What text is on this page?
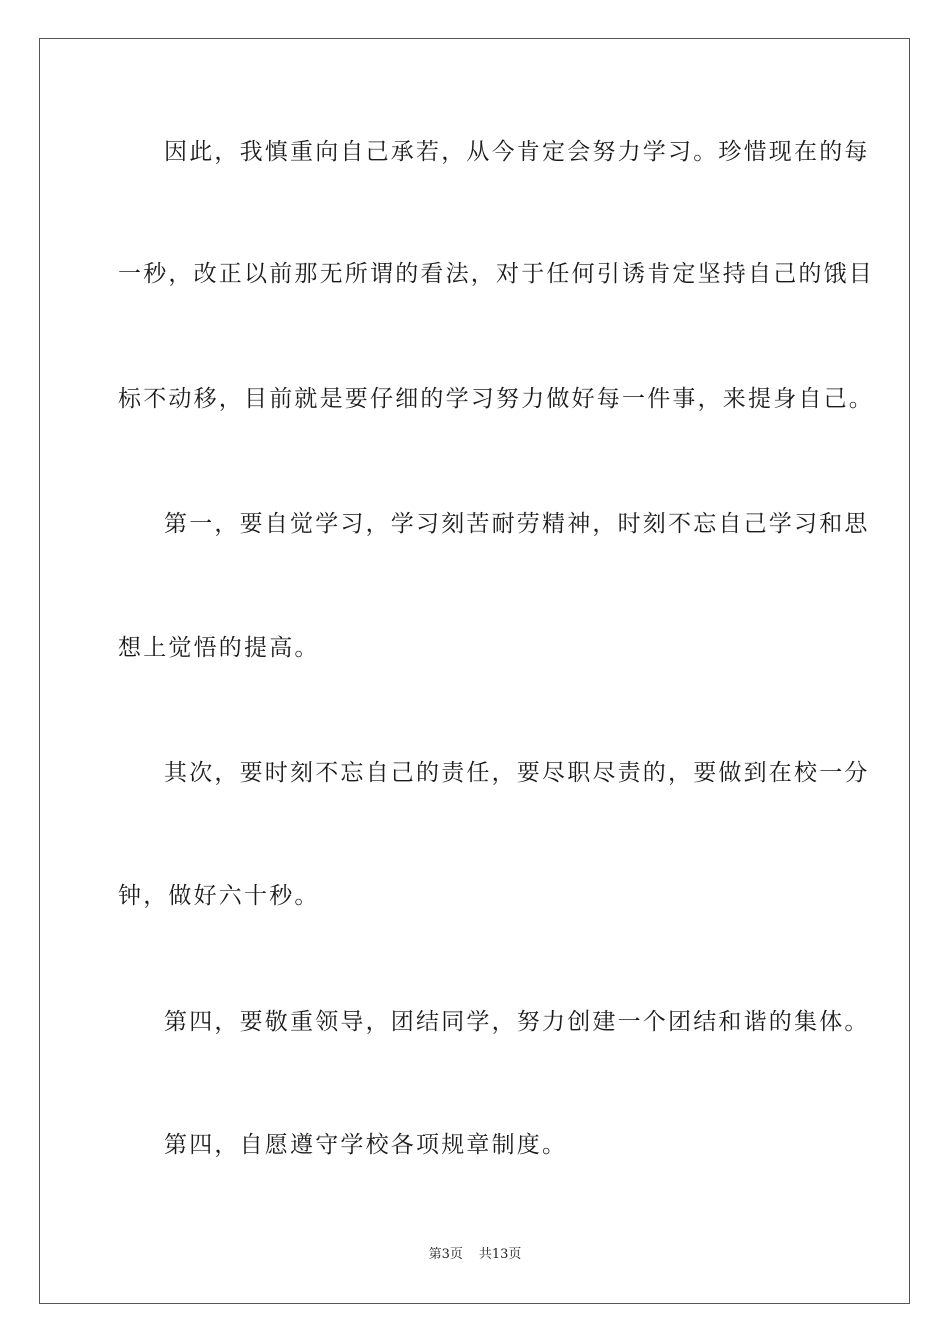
因此，我慎重向自己承若，从今肯定会努力学习。珍惜现在的每
一秒，改正以前那无所谓的看法，对于任何引诱肯定坚持自己的饿目
标不动移，目前就是要仔细的学习努力做好每一件事，来提身自己。
第一，要自觉学习，学习刻苦耐劳精神，时刻不忘自己学习和思
想上觉悟的提高。
其次，要时刻不忘自己的责任，要尽职尽责的，要做到在校一分
钟，做好六十秒。
第四，要敬重领导，团结同学，努力创建一个团结和谐的集体。
第四，自愿遵守学校各项规章制度。
第3页 共13页
